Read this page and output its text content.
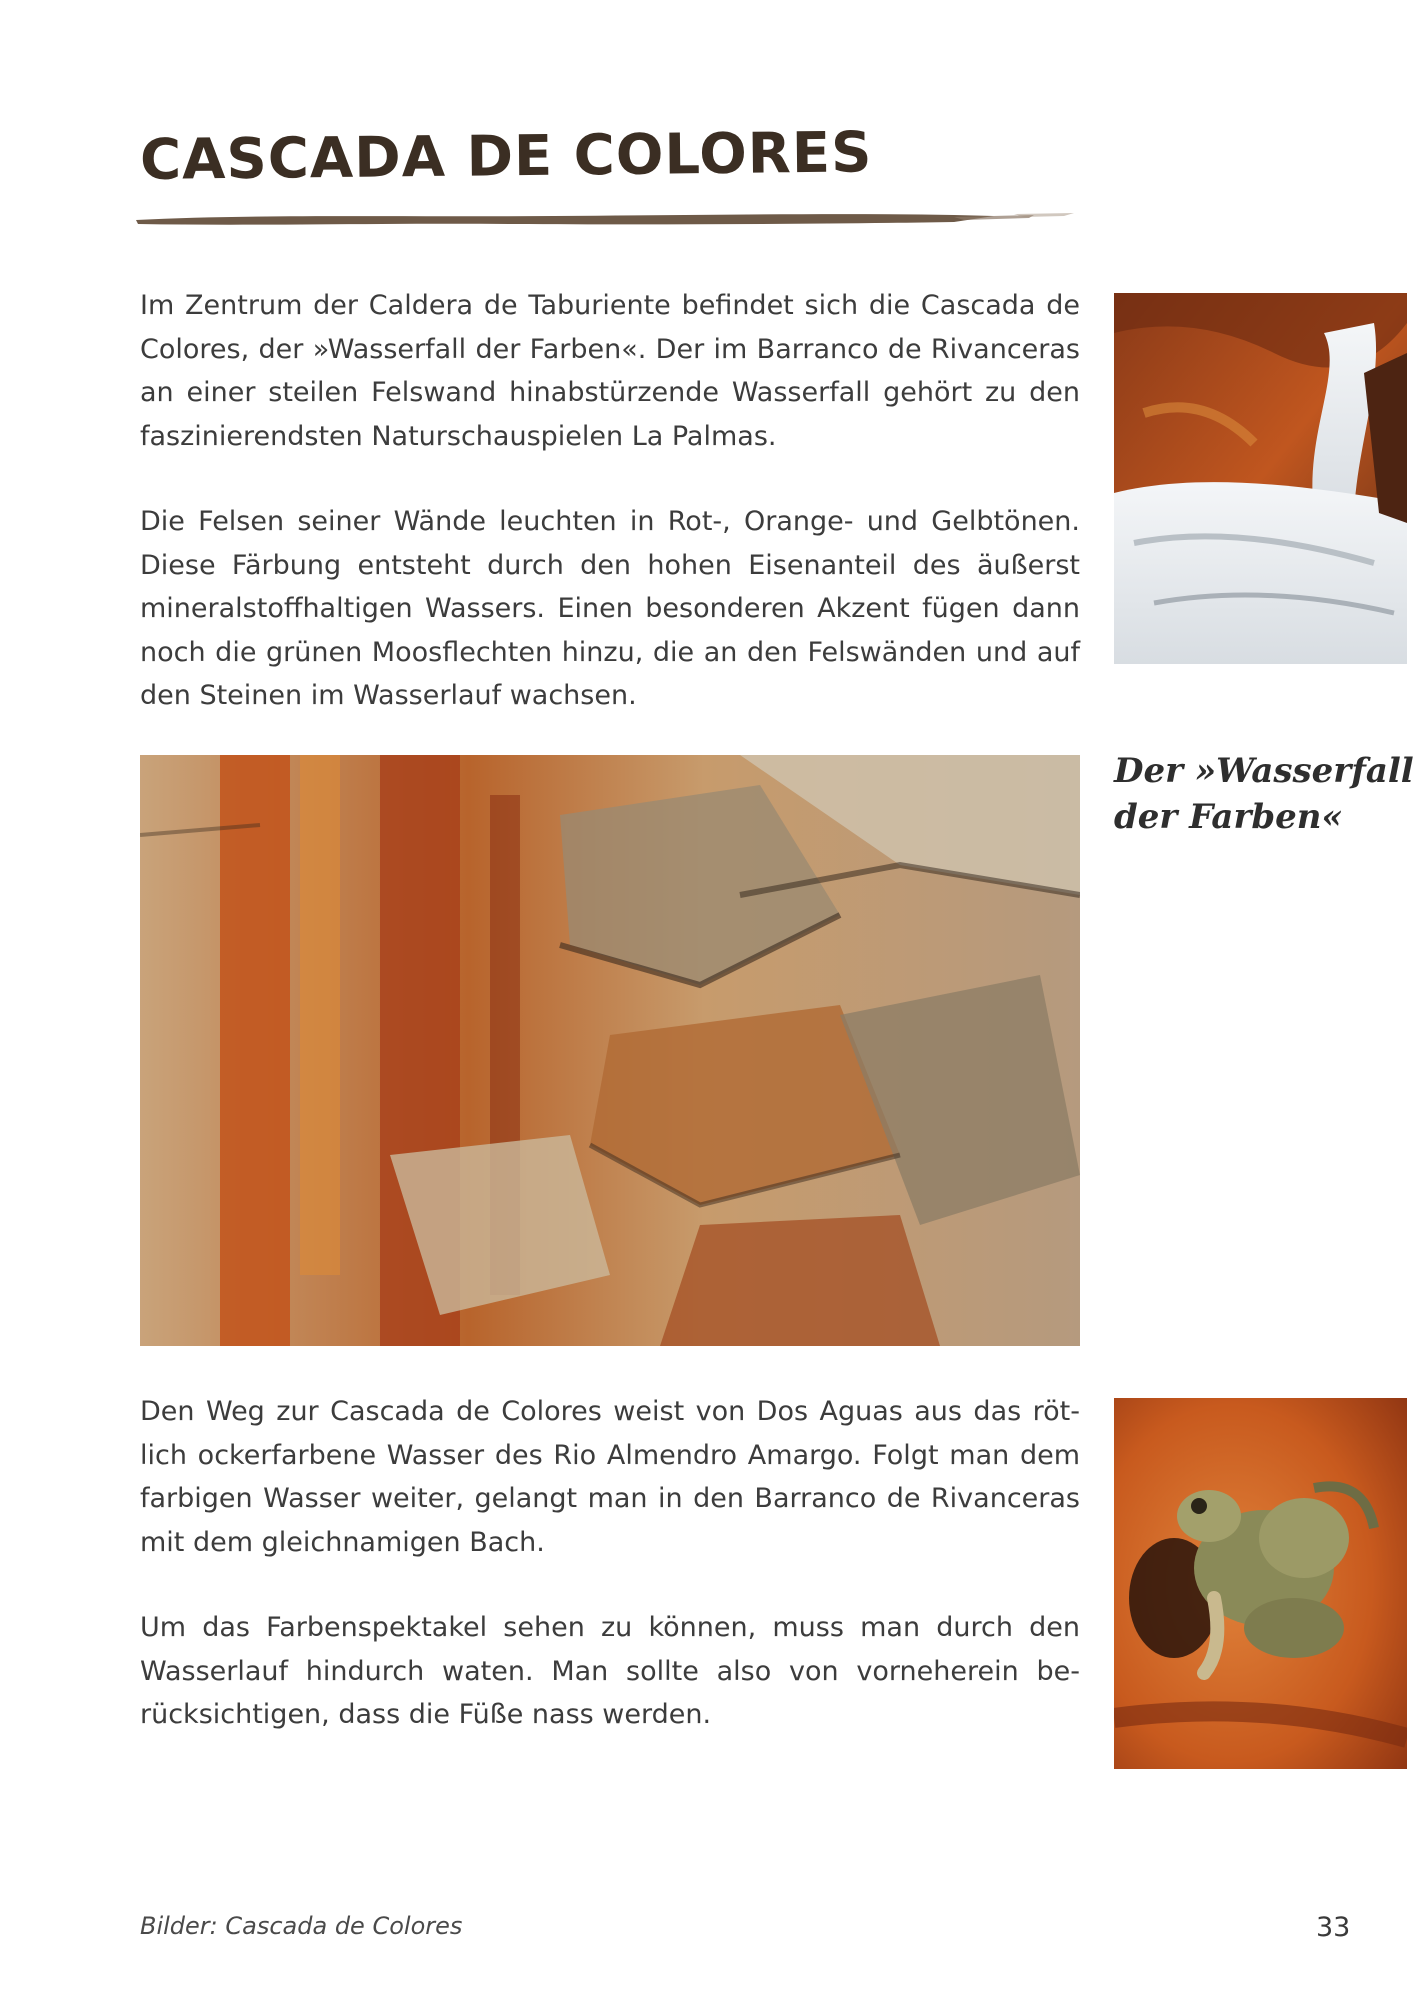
CASCADA DE COLORES

Im Zentrum der Caldera de Taburiente befindet sich die Cascada de Colores, der »Wasserfall der Farben«. Der im Barranco de Rivanceras an einer steilen Felswand hinabstürzende Wasserfall gehört zu den faszinierendsten Naturschauspielen La Palmas.

Die Felsen seiner Wände leuchten in Rot-, Orange- und Gelbtönen. Diese Färbung entsteht durch den hohen Eisenanteil des äußerst mineralstoffhaltigen Wassers. Einen besonderen Akzent fügen dann noch die grünen Moosflechten hinzu, die an den Felswänden und auf den Steinen im Wasserlauf wachsen.

Der »Wasserfall
der Farben«

Den Weg zur Cascada de Colores weist von Dos Aguas aus das rötlich ockerfarbene Wasser des Rio Almendro Amargo. Folgt man dem farbigen Wasser weiter, gelangt man in den Barranco de Rivanceras mit dem gleichnamigen Bach.

Um das Farbenspektakel sehen zu können, muss man durch den Wasserlauf hindurch waten. Man sollte also von vorneherein berücksichtigen, dass die Füße nass werden.

Bilder: Cascada de Colores	33
